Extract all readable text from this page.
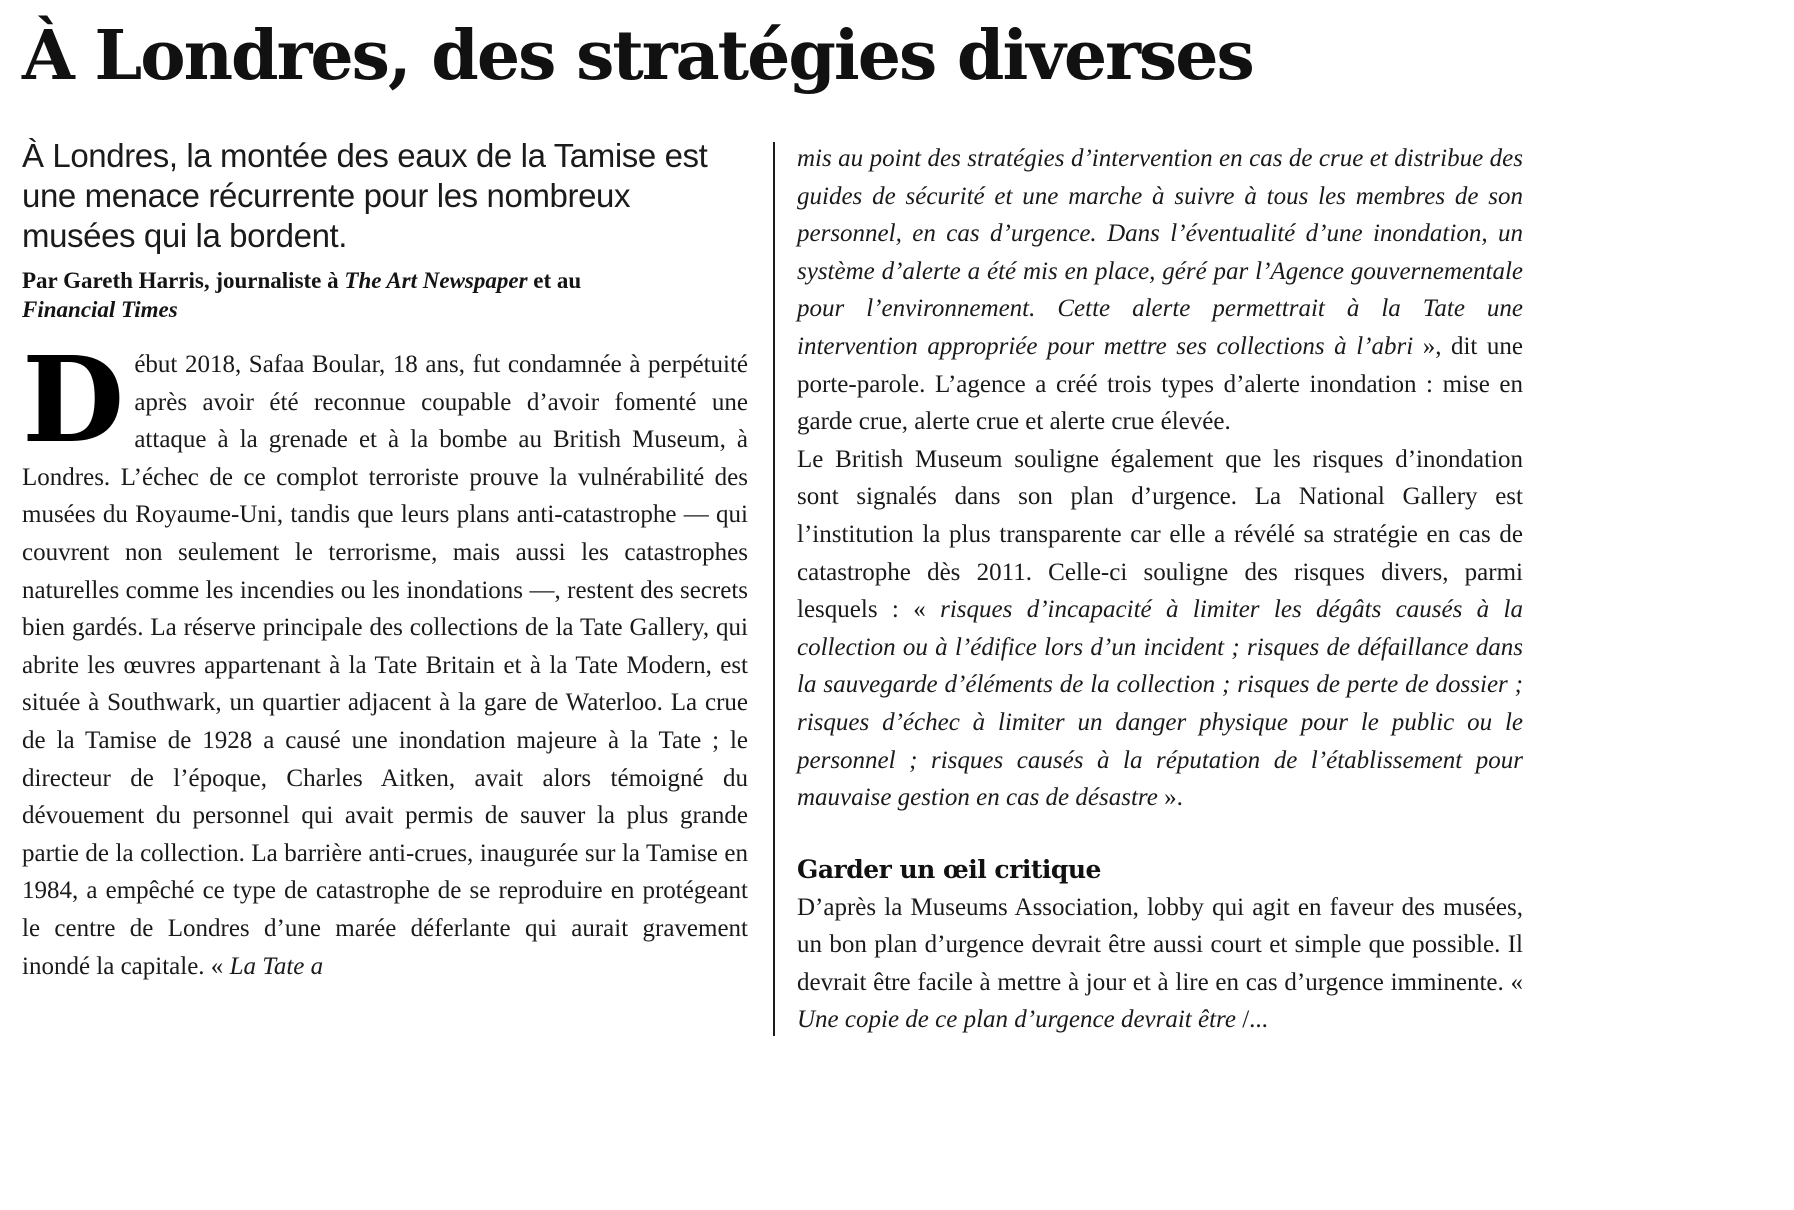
À Londres, des stratégies diverses

À Londres, la montée des eaux de la Tamise est une menace récurrente pour les nombreux musées qui la bordent.

Par Gareth Harris, journaliste à The Art Newspaper et au
Financial Times

Début 2018, Safaa Boular, 18 ans, fut condamnée à perpétuité après avoir été reconnue coupable d’avoir fomenté une attaque à la grenade et à la bombe au British Museum, à Londres. L’échec de ce complot terroriste prouve la vulnérabilité des musées du Royaume-Uni, tandis que leurs plans anti-catastrophe — qui couvrent non seulement le terrorisme, mais aussi les catastrophes naturelles comme les incendies ou les inondations —, restent des secrets bien gardés. La réserve principale des collections de la Tate Gallery, qui abrite les œuvres appartenant à la Tate Britain et à la Tate Modern, est située à Southwark, un quartier adjacent à la gare de Waterloo. La crue de la Tamise de 1928 a causé une inondation majeure à la Tate ; le directeur de l’époque, Charles Aitken, avait alors témoigné du dévouement du personnel qui avait permis de sauver la plus grande partie de la collection. La barrière anti-crues, inaugurée sur la Tamise en 1984, a empêché ce type de catastrophe de se reproduire en protégeant le centre de Londres d’une marée déferlante qui aurait gravement inondé la capitale. « La Tate a

mis au point des stratégies d’intervention en cas de crue et distribue des guides de sécurité et une marche à suivre à tous les membres de son personnel, en cas d’urgence. Dans l’éventualité d’une inondation, un système d’alerte a été mis en place, géré par l’Agence gouvernementale pour l’environnement. Cette alerte permettrait à la Tate une intervention appropriée pour mettre ses collections à l’abri », dit une porte-parole. L’agence a créé trois types d’alerte inondation : mise en garde crue, alerte crue et alerte crue élevée.

Le British Museum souligne également que les risques d’inondation sont signalés dans son plan d’urgence. La National Gallery est l’institution la plus transparente car elle a révélé sa stratégie en cas de catastrophe dès 2011. Celle-ci souligne des risques divers, parmi lesquels : « risques d’incapacité à limiter les dégâts causés à la collection ou à l’édifice lors d’un incident ; risques de défaillance dans la sauvegarde d’éléments de la collection ; risques de perte de dossier ; risques d’échec à limiter un danger physique pour le public ou le personnel ; risques causés à la réputation de l’établissement pour mauvaise gestion en cas de désastre ».

Garder un œil critique

D’après la Museums Association, lobby qui agit en faveur des musées, un bon plan d’urgence devrait être aussi court et simple que possible. Il devrait être facile à mettre à jour et à lire en cas d’urgence imminente. « Une copie de ce plan d’urgence devrait être /...
